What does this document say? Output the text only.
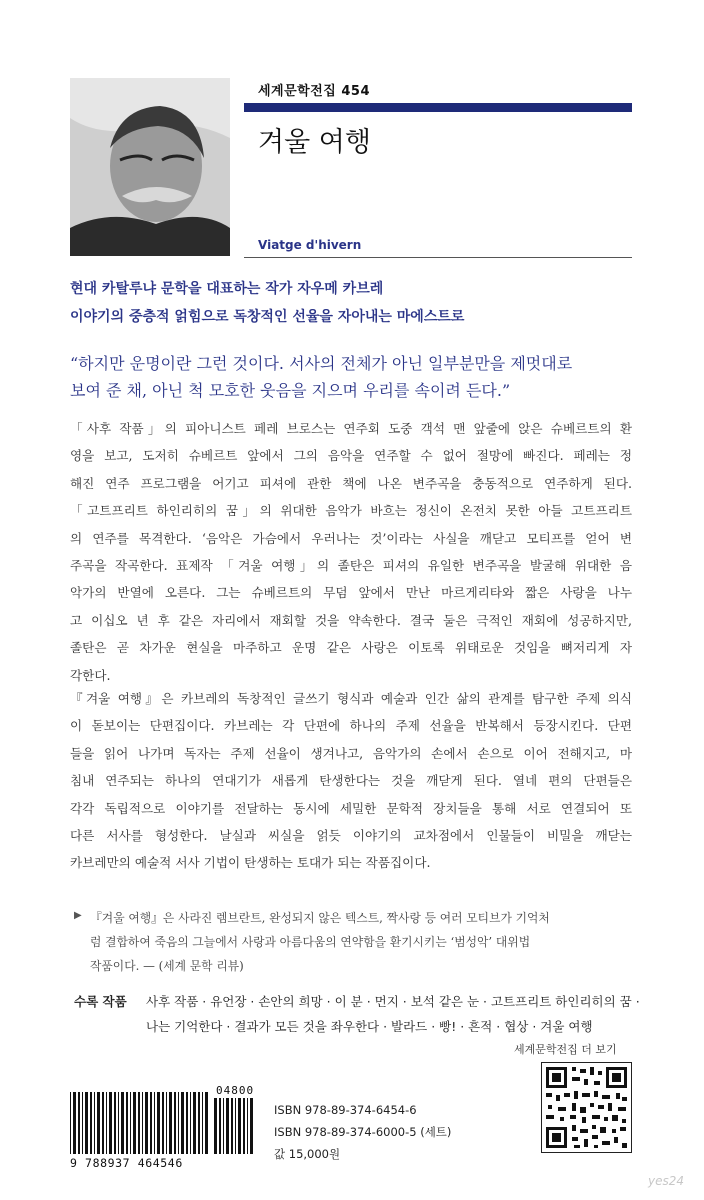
세계문학전집 454
겨울 여행
Viatge d'hivern
현대 카탈루냐 문학을 대표하는 작가 자우메 카브레
이야기의 중층적 얽힘으로 독창적인 선율을 자아내는 마에스트로
“하지만 운명이란 그런 것이다. 서사의 전체가 아닌 일부분만을 제멋대로
보여 준 채, 아닌 척 모호한 웃음을 지으며 우리를 속이려 든다.”
「사후 작품」의 피아니스트 페레 브로스는 연주회 도중 객석 맨 앞줄에 앉은 슈베르트의 환
영을 보고, 도저히 슈베르트 앞에서 그의 음악을 연주할 수 없어 절망에 빠진다. 페레는 정
해진 연주 프로그램을 어기고 피셔에 관한 책에 나온 변주곡을 충동적으로 연주하게 된다.
「고트프리트 하인리히의 꿈」의 위대한 음악가 바흐는 정신이 온전치 못한 아들 고트프리트
의 연주를 목격한다. ‘음악은 가슴에서 우러나는 것’이라는 사실을 깨닫고 모티프를 얻어 변
주곡을 작곡한다. 표제작 「겨울 여행」의 졸탄은 피셔의 유일한 변주곡을 발굴해 위대한 음
악가의 반열에 오른다. 그는 슈베르트의 무덤 앞에서 만난 마르게리타와 짧은 사랑을 나누
고 이십오 년 후 같은 자리에서 재회할 것을 약속한다. 결국 둘은 극적인 재회에 성공하지만,
졸탄은 곧 차가운 현실을 마주하고 운명 같은 사랑은 이토록 위태로운 것임을 뼈저리게 자
각한다.
『겨울 여행』은 카브레의 독창적인 글쓰기 형식과 예술과 인간 삶의 관계를 탐구한 주제 의식
이 돋보이는 단편집이다. 카브레는 각 단편에 하나의 주제 선율을 반복해서 등장시킨다. 단편
들을 읽어 나가며 독자는 주제 선율이 생겨나고, 음악가의 손에서 손으로 이어 전해지고, 마
침내 연주되는 하나의 연대기가 새롭게 탄생한다는 것을 깨닫게 된다. 열네 편의 단편들은
각각 독립적으로 이야기를 전달하는 동시에 세밀한 문학적 장치들을 통해 서로 연결되어 또
다른 서사를 형성한다. 날실과 씨실을 얽듯 이야기의 교차점에서 인물들이 비밀을 깨닫는
카브레만의 예술적 서사 기법이 탄생하는 토대가 되는 작품집이다.
▶ 『겨울 여행』은 사라진 렘브란트, 완성되지 않은 텍스트, 짝사랑 등 여러 모티브가 기억처
럼 결합하여 죽음의 그늘에서 사랑과 아름다움의 연약함을 환기시키는 ‘범성악’ 대위법
작품이다. — (세계 문학 리뷰)
수록 작품 사후 작품 · 유언장 · 손안의 희망 · 이 분 · 먼지 · 보석 같은 눈 · 고트프리트 하인리히의 꿈 ·
나는 기억한다 · 결과가 모든 것을 좌우한다 · 발라드 · 빵! · 흔적 · 협상 · 겨울 여행
세계문학전집 더 보기
04800
9 788937 464546
ISBN 978-89-374-6454-6
ISBN 978-89-374-6000-5 (세트)
값 15,000원
yes24
